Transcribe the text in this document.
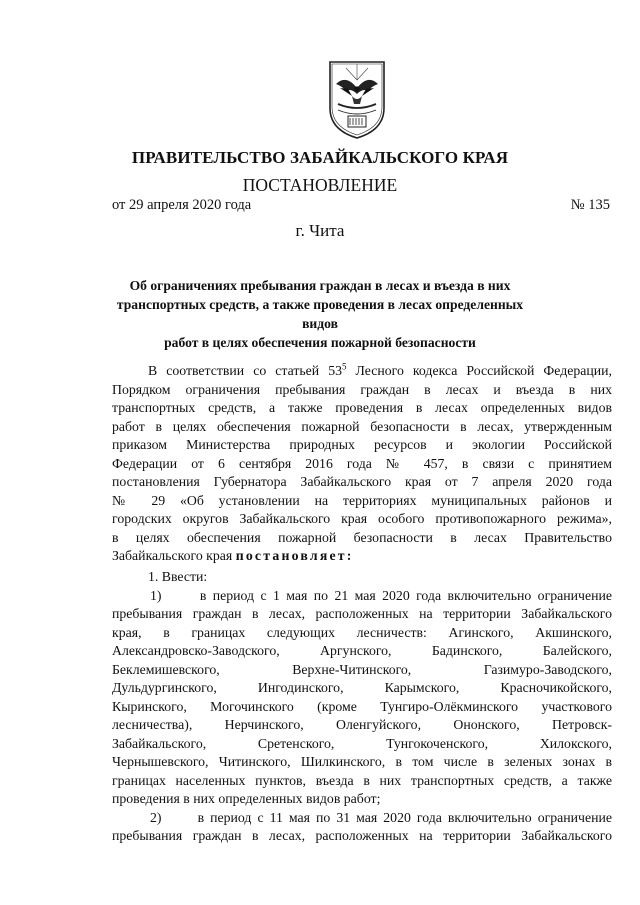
ПРАВИТЕЛЬСТВО ЗАБАЙКАЛЬСКОГО КРАЯ
ПОСТАНОВЛЕНИЕ
от 29 апреля 2020 года	№ 135
г. Чита
Об ограничениях пребывания граждан в лесах и въезда в них
транспортных средств, а также проведения в лесах определенных видов
работ в целях обеспечения пожарной безопасности
В соответствии со статьей $53^5$ Лесного кодекса Российской Федерации,
Порядком ограничения пребывания граждан в лесах и въезда в них
транспортных средств, а также проведения в лесах определенных видов
работ в целях обеспечения пожарной безопасности в лесах, утвержденным
приказом Министерства природных ресурсов и экологии Российской
Федерации от 6 сентября 2016 года № 457, в связи с принятием
постановления Губернатора Забайкальского края от 7 апреля 2020 года
№ 29 «Об установлении на территориях муниципальных районов и
городских округов Забайкальского края особого противопожарного режима»,
в целях обеспечения пожарной безопасности в лесах Правительство
Забайкальского края постановляет:
1. Ввести:
1)	в период с 1 мая по 21 мая 2020 года включительно ограничение
пребывания граждан в лесах, расположенных на территории Забайкальского
края, в границах следующих лесничеств: Агинского, Акшинского,
Александровско-Заводского, Аргунского, Бадинского, Балейского,
Беклемишевского, Верхне-Читинского, Газимуро-Заводского,
Дульдургинского, Ингодинского, Карымского, Красночикойского,
Кыринского, Могочинского (кроме Тунгиро-Олёкминского участкового
лесничества), Нерчинского, Оленгуйского, Ононского, Петровск-
Забайкальского, Сретенского, Тунгокоченского, Хилокского,
Чернышевского, Читинского, Шилкинского, в том числе в зеленых зонах в
границах населенных пунктов, въезда в них транспортных средств, а также
проведения в них определенных видов работ;
2)	в период с 11 мая по 31 мая 2020 года включительно ограничение
пребывания граждан в лесах, расположенных на территории Забайкальского
